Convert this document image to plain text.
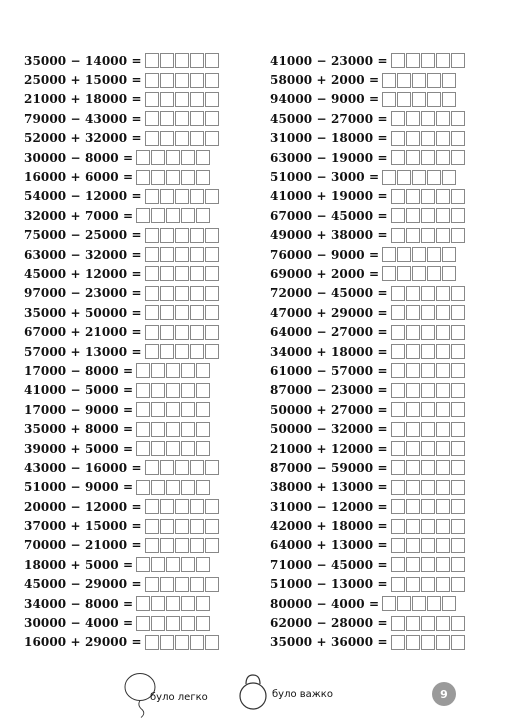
35000 − 14000 =
25000 + 15000 =
21000 + 18000 =
79000 − 43000 =
52000 + 32000 =
30000 − 8000 =
16000 + 6000 =
54000 − 12000 =
32000 + 7000 =
75000 − 25000 =
63000 − 32000 =
45000 + 12000 =
97000 − 23000 =
35000 + 50000 =
67000 + 21000 =
57000 + 13000 =
17000 − 8000 =
41000 − 5000 =
17000 − 9000 =
35000 + 8000 =
39000 + 5000 =
43000 − 16000 =
51000 − 9000 =
20000 − 12000 =
37000 + 15000 =
70000 − 21000 =
18000 + 5000 =
45000 − 29000 =
34000 − 8000 =
30000 − 4000 =
16000 + 29000 =
41000 − 23000 =
58000 + 2000 =
94000 − 9000 =
45000 − 27000 =
31000 − 18000 =
63000 − 19000 =
51000 − 3000 =
41000 + 19000 =
67000 − 45000 =
49000 + 38000 =
76000 − 9000 =
69000 + 2000 =
72000 − 45000 =
47000 + 29000 =
64000 − 27000 =
34000 + 18000 =
61000 − 57000 =
87000 − 23000 =
50000 + 27000 =
50000 − 32000 =
21000 + 12000 =
87000 − 59000 =
38000 + 13000 =
31000 − 12000 =
42000 + 18000 =
64000 + 13000 =
71000 − 45000 =
51000 − 13000 =
80000 − 4000 =
62000 − 28000 =
35000 + 36000 =
було легко	було важко	9
